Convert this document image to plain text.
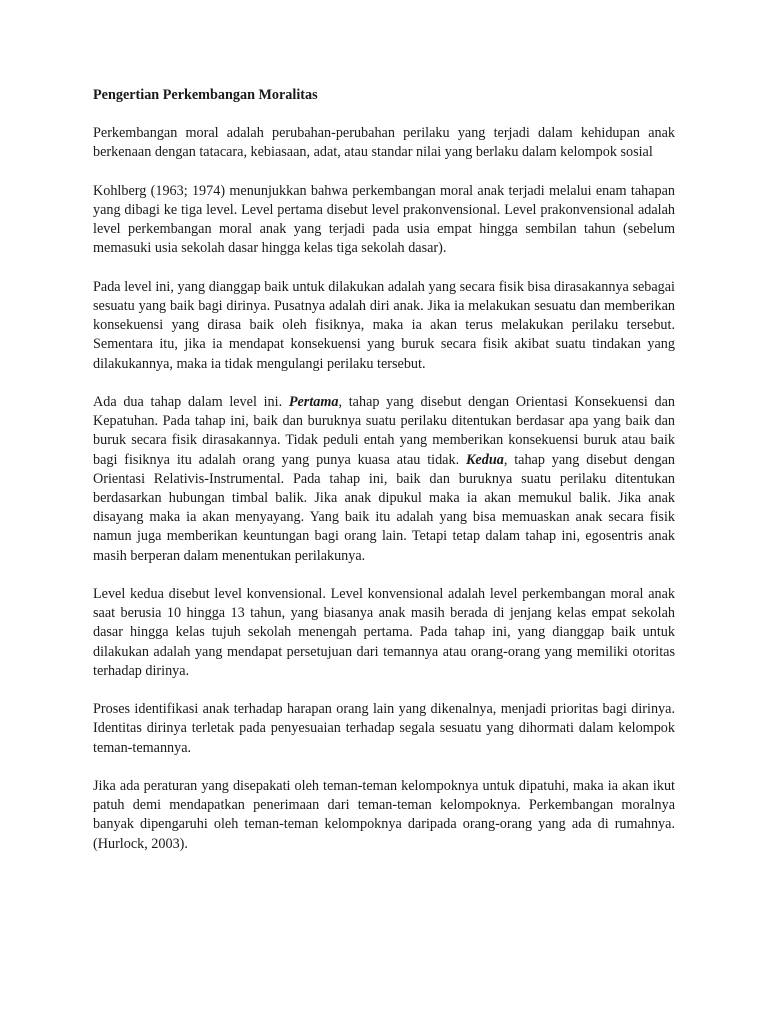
Pengertian Perkembangan Moralitas

Perkembangan moral adalah perubahan-perubahan perilaku yang terjadi dalam kehidupan anak berkenaan dengan tatacara, kebiasaan, adat, atau standar nilai yang berlaku dalam kelompok sosial

Kohlberg (1963; 1974) menunjukkan bahwa perkembangan moral anak terjadi melalui enam tahapan yang dibagi ke tiga level. Level pertama disebut level prakonvensional. Level prakonvensional adalah level perkembangan moral anak yang terjadi pada usia empat hingga sembilan tahun (sebelum memasuki usia sekolah dasar hingga kelas tiga sekolah dasar).

Pada level ini, yang dianggap baik untuk dilakukan adalah yang secara fisik bisa dirasakannya sebagai sesuatu yang baik bagi dirinya. Pusatnya adalah diri anak. Jika ia melakukan sesuatu dan memberikan konsekuensi yang dirasa baik oleh fisiknya, maka ia akan terus melakukan perilaku tersebut. Sementara itu, jika ia mendapat konsekuensi yang buruk secara fisik akibat suatu tindakan yang dilakukannya, maka ia tidak mengulangi perilaku tersebut.

Ada dua tahap dalam level ini. Pertama, tahap yang disebut dengan Orientasi Konsekuensi dan Kepatuhan. Pada tahap ini, baik dan buruknya suatu perilaku ditentukan berdasar apa yang baik dan buruk secara fisik dirasakannya. Tidak peduli entah yang memberikan konsekuensi buruk atau baik bagi fisiknya itu adalah orang yang punya kuasa atau tidak. Kedua, tahap yang disebut dengan Orientasi Relativis-Instrumental. Pada tahap ini, baik dan buruknya suatu perilaku ditentukan berdasarkan hubungan timbal balik. Jika anak dipukul maka ia akan memukul balik. Jika anak disayang maka ia akan menyayang. Yang baik itu adalah yang bisa memuaskan anak secara fisik namun juga memberikan keuntungan bagi orang lain. Tetapi tetap dalam tahap ini, egosentris anak masih berperan dalam menentukan perilakunya.

Level kedua disebut level konvensional. Level konvensional adalah level perkembangan moral anak saat berusia 10 hingga 13 tahun, yang biasanya anak masih berada di jenjang kelas empat sekolah dasar hingga kelas tujuh sekolah menengah pertama. Pada tahap ini, yang dianggap baik untuk dilakukan adalah yang mendapat persetujuan dari temannya atau orang-orang yang memiliki otoritas terhadap dirinya.

Proses identifikasi anak terhadap harapan orang lain yang dikenalnya, menjadi prioritas bagi dirinya. Identitas dirinya terletak pada penyesuaian terhadap segala sesuatu yang dihormati dalam kelompok teman-temannya.

Jika ada peraturan yang disepakati oleh teman-teman kelompoknya untuk dipatuhi, maka ia akan ikut patuh demi mendapatkan penerimaan dari teman-teman kelompoknya. Perkembangan moralnya banyak dipengaruhi oleh teman-teman kelompoknya daripada orang-orang yang ada di rumahnya. (Hurlock, 2003).
